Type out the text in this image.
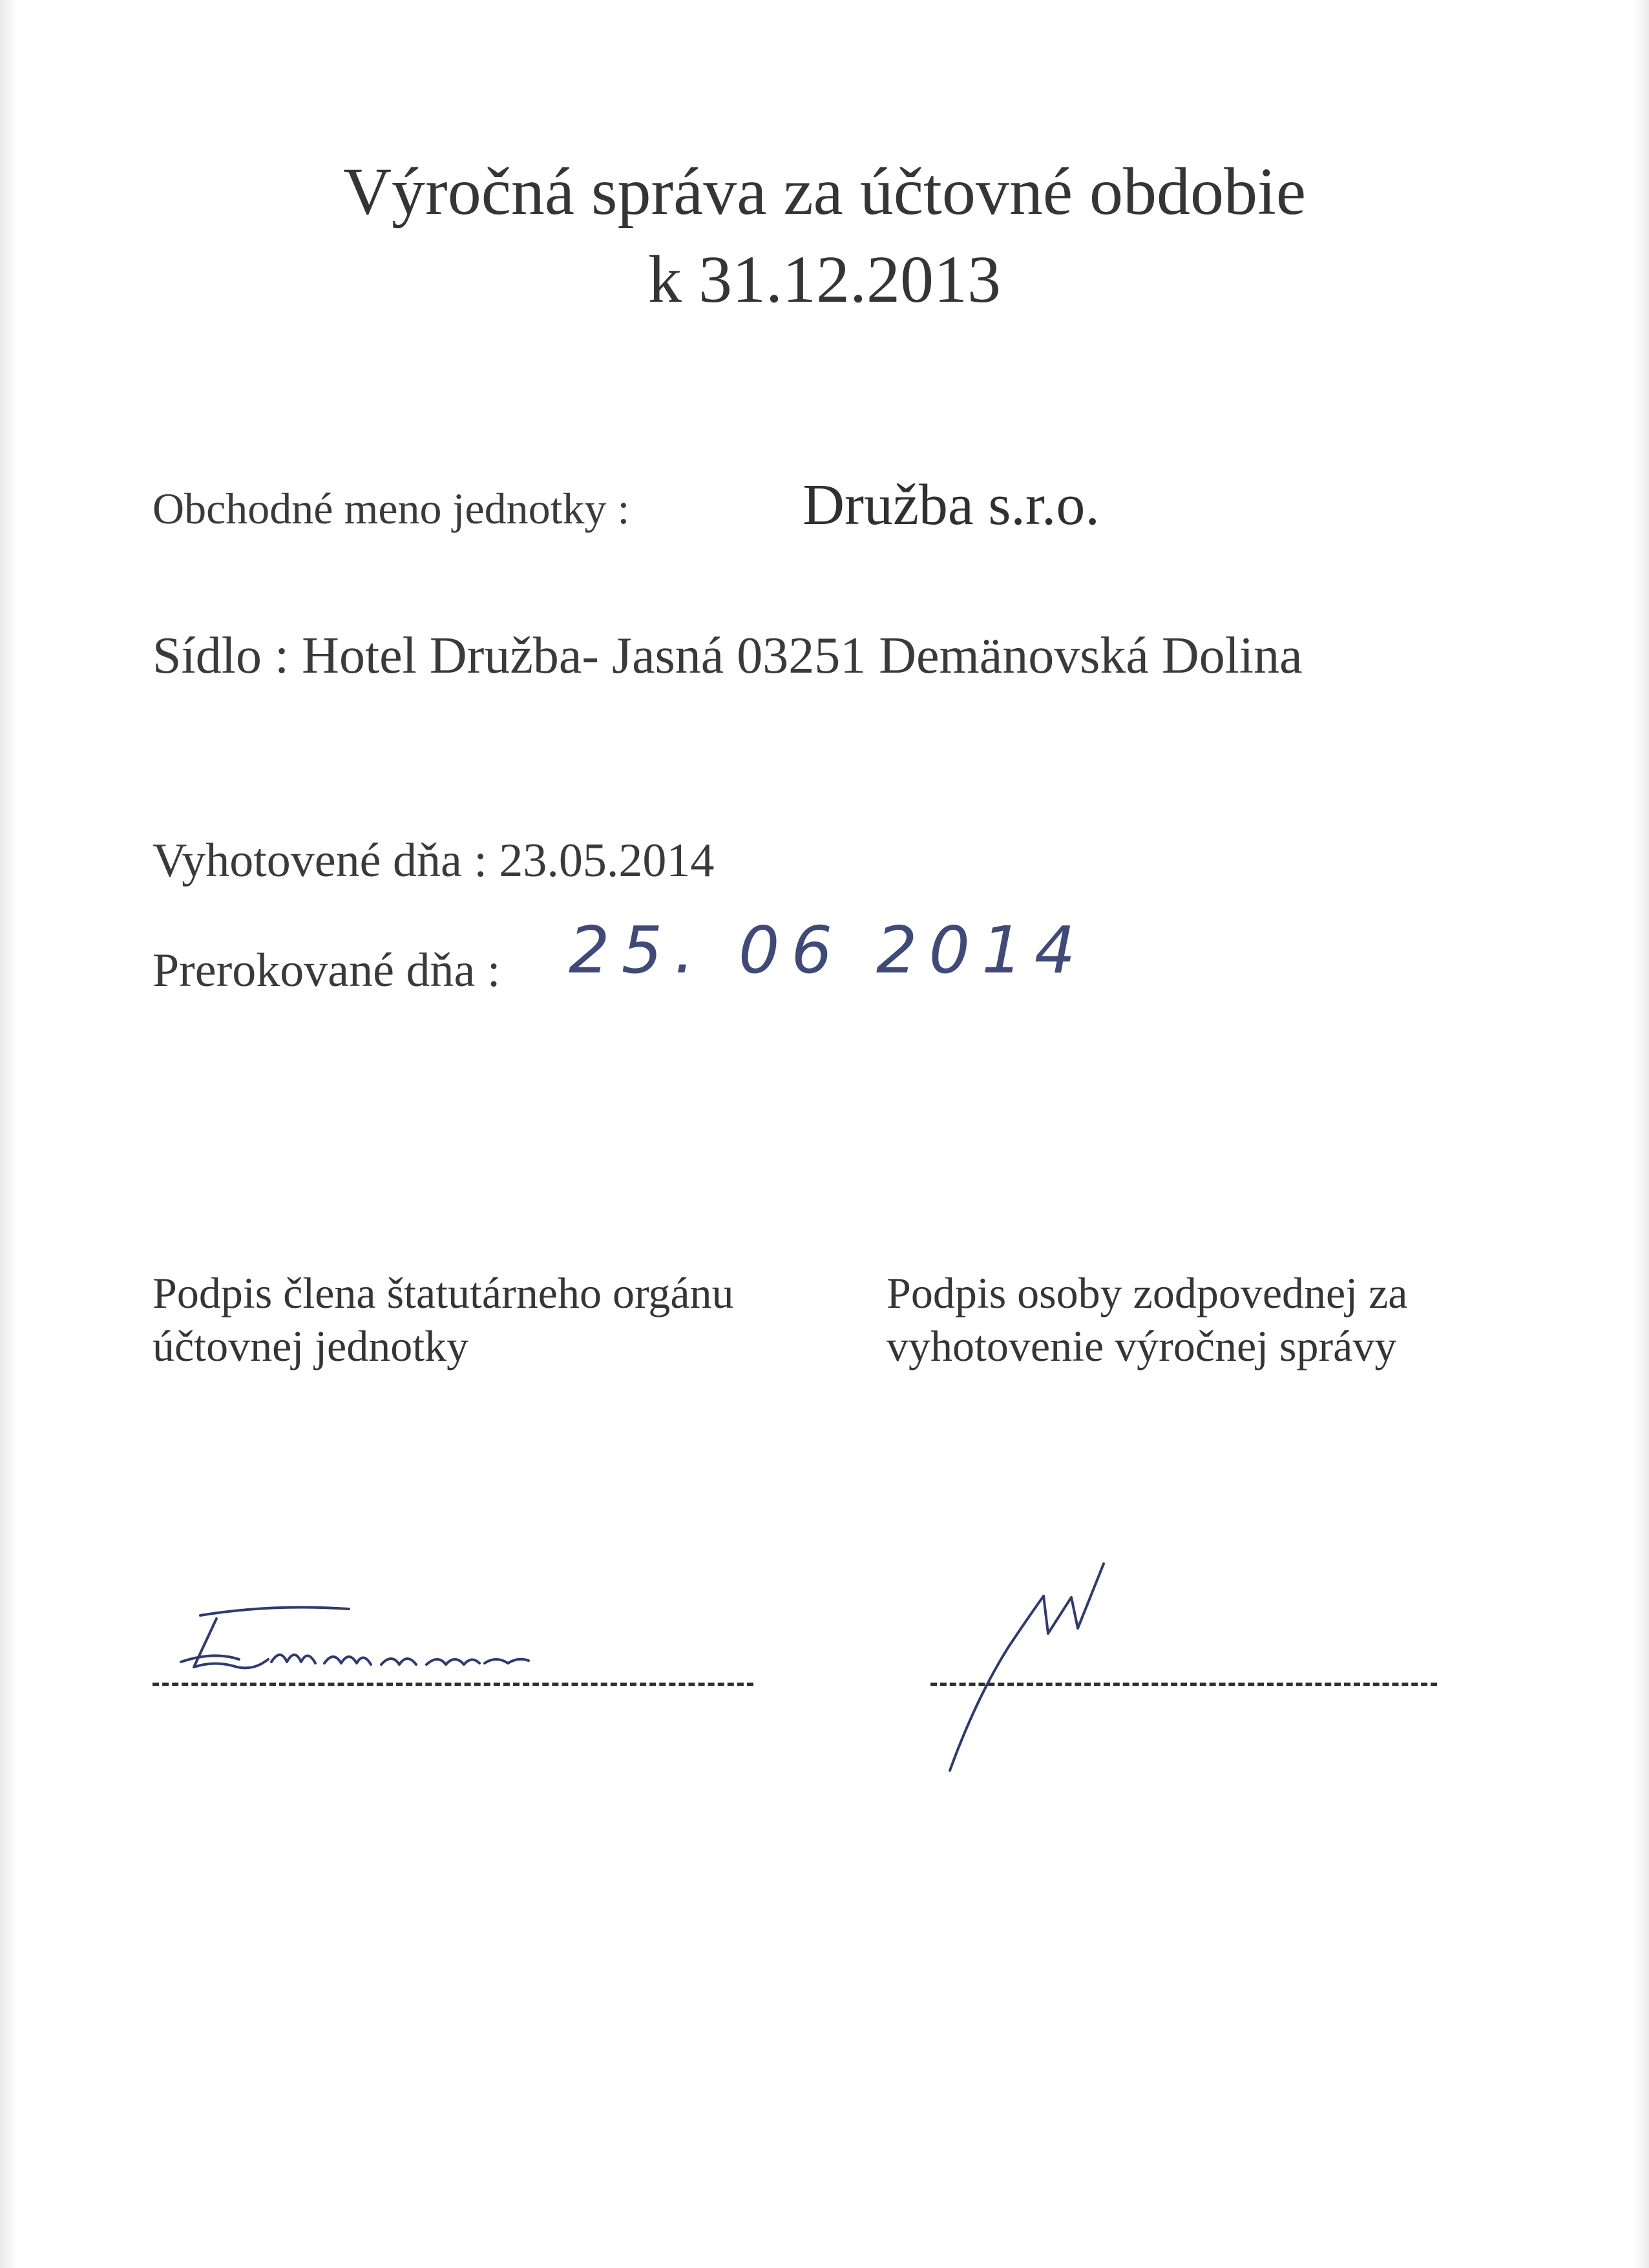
Výročná správa za účtovné obdobie
k 31.12.2013
Obchodné meno jednotky :	Družba s.r.o.
Sídlo : Hotel Družba- Jasná 03251 Demänovská Dolina
Vyhotovené dňa : 23.05.2014
Prerokované dňa : 25. 06 2014
Podpis člena štatutárneho orgánu účtovnej jednotky
Podpis osoby zodpovednej za vyhotovenie výročnej správy
